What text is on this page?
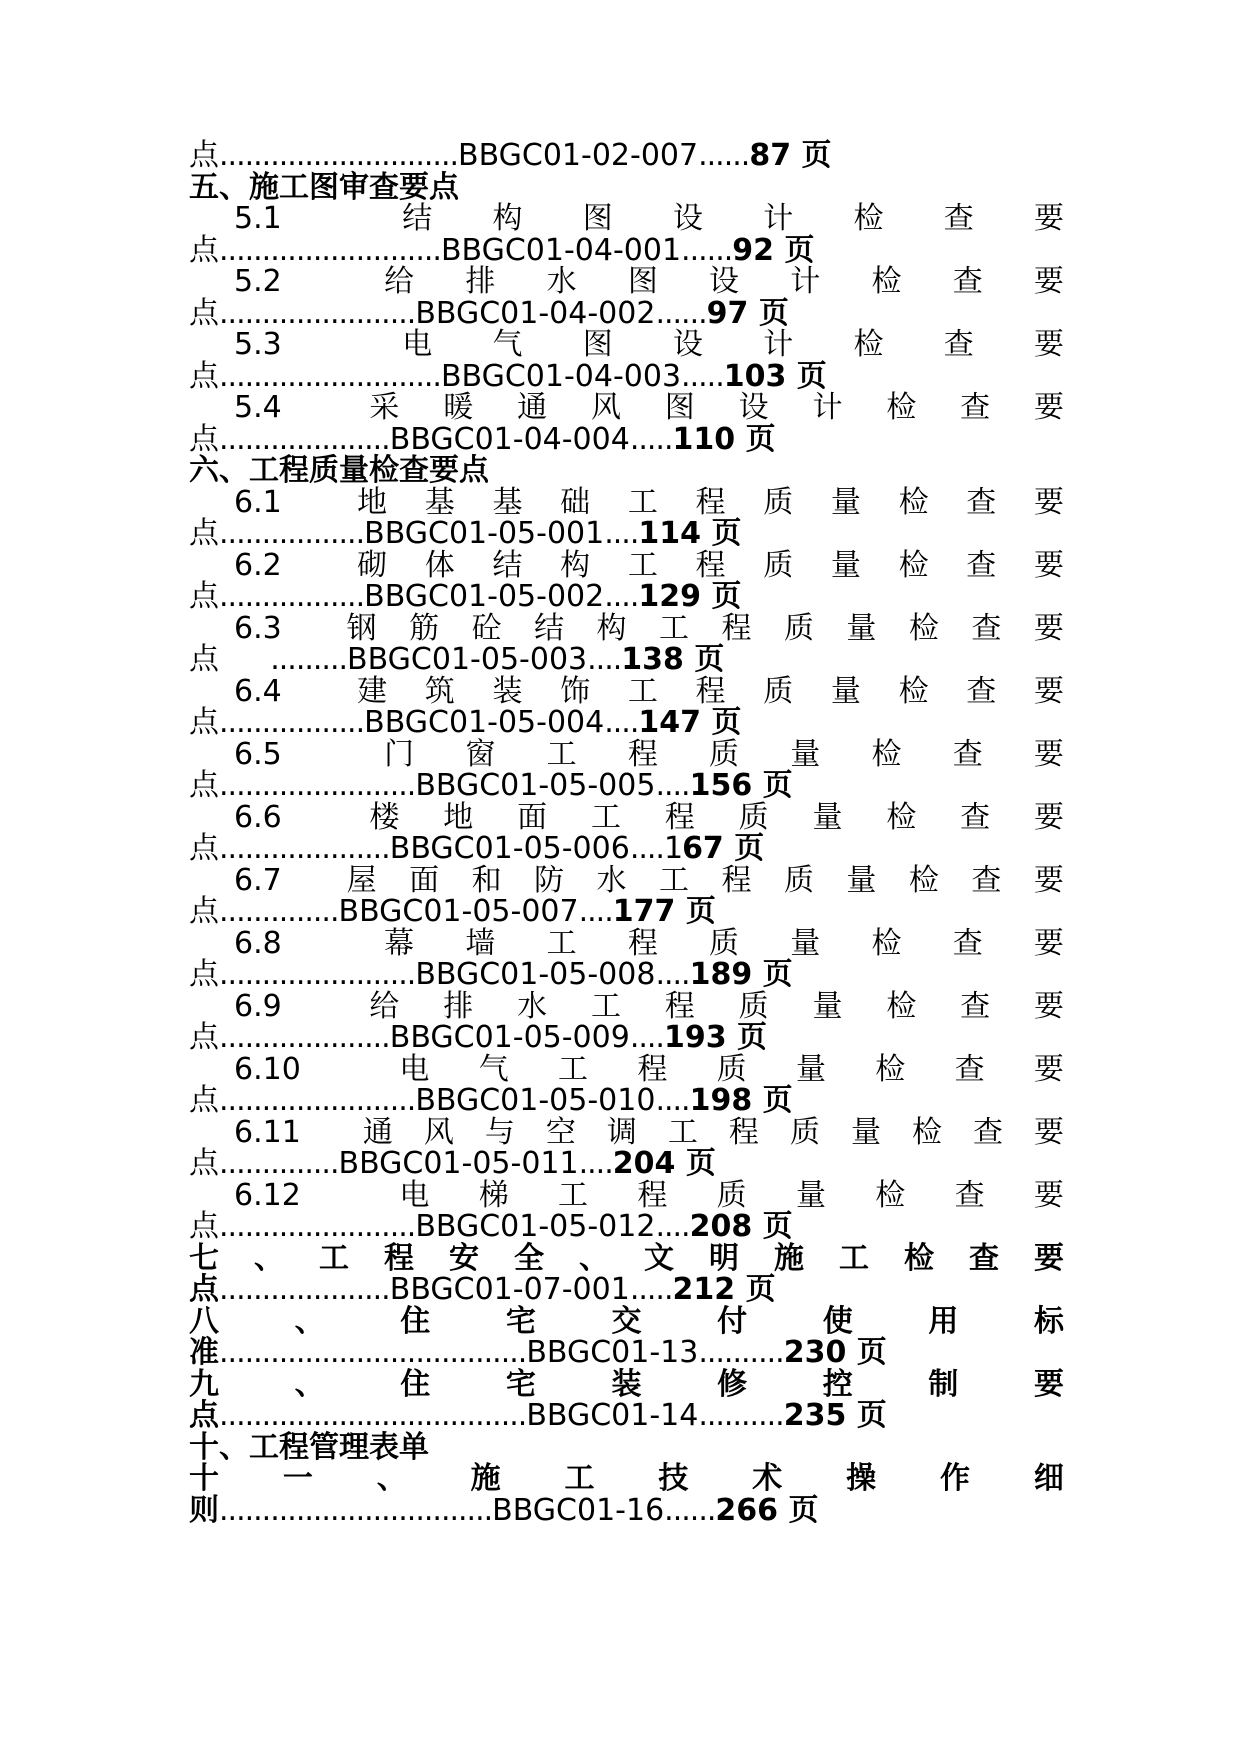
点............................BBGC01-02-007......87 页
五、施工图审查要点
5.1	结 构 图 设 计 检 查 要
点..........................BBGC01-04-001......92 页
5.2	给 排 水 图 设 计 检 查 要
点.......................BBGC01-04-002......97 页
5.3	电 气 图 设 计 检 查 要
点..........................BBGC01-04-003.....103 页
5.4	采 暖 通 风 图 设 计 检 查 要
点....................BBGC01-04-004.....110 页
六、工程质量检查要点
6.1	地 基 基 础 工 程 质 量 检 查 要
点.................BBGC01-05-001....114 页
6.2	砌 体 结 构 工 程 质 量 检 查 要
点.................BBGC01-05-002....129 页
6.3 钢 筋 砼 结 构 工 程 质 量 检 查 要
点      .........BBGC01-05-003....138 页
6.4	建 筑 装 饰 工 程 质 量 检 查 要
点.................BBGC01-05-004....147 页
6.5	门 窗 工 程 质 量 检 查 要
点.......................BBGC01-05-005....156 页
6.6	楼 地 面 工 程 质 量 检 查 要
点....................BBGC01-05-006....167 页
6.7 屋 面 和 防 水 工 程 质 量 检 查 要
点..............BBGC01-05-007....177 页
6.8	幕 墙 工 程 质 量 检 查 要
点.......................BBGC01-05-008....189 页
6.9	给 排 水 工 程 质 量 检 查 要
点....................BBGC01-05-009....193 页
6.10	电 气 工 程 质 量 检 查 要
点.......................BBGC01-05-010....198 页
6.11 通 风 与 空 调 工 程 质 量 检 查 要
点..............BBGC01-05-011....204 页
6.12	电 梯 工 程 质 量 检 查 要
点.......................BBGC01-05-012....208 页
七 、 工 程 安 全 、 文 明 施 工 检 查 要
点....................BBGC01-07-001.....212 页
八	、	住	宅	交	付	使	用	标
准....................................BBGC01-13..........230 页
九	、	住	宅	装	修	控	制	要
点....................................BBGC01-14..........235 页
十、工程管理表单
十 一 、 施 工 技 术 操 作 细
则................................BBGC01-16......266 页
